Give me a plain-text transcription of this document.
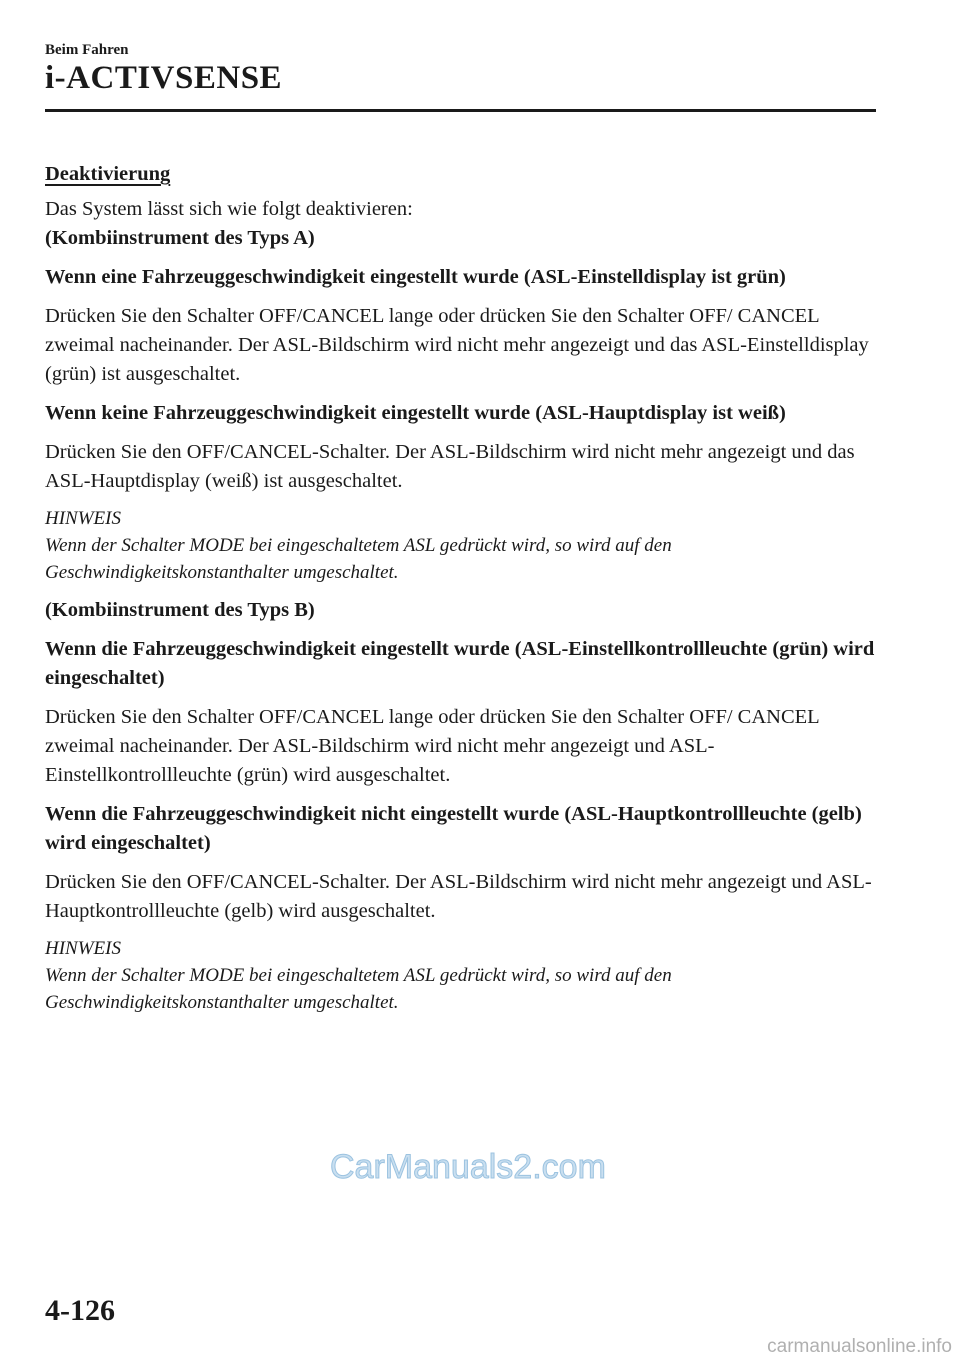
Beim Fahren
i-ACTIVSENSE
Deaktivierung
Das System lässt sich wie folgt deaktivieren:
(Kombiinstrument des Typs A)
Wenn eine Fahrzeuggeschwindigkeit eingestellt wurde (ASL-Einstelldisplay ist grün)
Drücken Sie den Schalter OFF/CANCEL lange oder drücken Sie den Schalter OFF/ CANCEL zweimal nacheinander. Der ASL-Bildschirm wird nicht mehr angezeigt und das ASL-Einstelldisplay (grün) ist ausgeschaltet.
Wenn keine Fahrzeuggeschwindigkeit eingestellt wurde (ASL-Hauptdisplay ist weiß)
Drücken Sie den OFF/CANCEL-Schalter. Der ASL-Bildschirm wird nicht mehr angezeigt und das ASL-Hauptdisplay (weiß) ist ausgeschaltet.
HINWEIS
Wenn der Schalter MODE bei eingeschaltetem ASL gedrückt wird, so wird auf den Geschwindigkeitskonstanthalter umgeschaltet.
(Kombiinstrument des Typs B)
Wenn die Fahrzeuggeschwindigkeit eingestellt wurde (ASL-Einstellkontrollleuchte (grün) wird eingeschaltet)
Drücken Sie den Schalter OFF/CANCEL lange oder drücken Sie den Schalter OFF/ CANCEL zweimal nacheinander. Der ASL-Bildschirm wird nicht mehr angezeigt und ASL-Einstellkontrollleuchte (grün) wird ausgeschaltet.
Wenn die Fahrzeuggeschwindigkeit nicht eingestellt wurde (ASL-Hauptkontrollleuchte (gelb) wird eingeschaltet)
Drücken Sie den OFF/CANCEL-Schalter. Der ASL-Bildschirm wird nicht mehr angezeigt und ASL-Hauptkontrollleuchte (gelb) wird ausgeschaltet.
HINWEIS
Wenn der Schalter MODE bei eingeschaltetem ASL gedrückt wird, so wird auf den Geschwindigkeitskonstanthalter umgeschaltet.
CarManuals2.com
4-126
carmanualsonline.info
